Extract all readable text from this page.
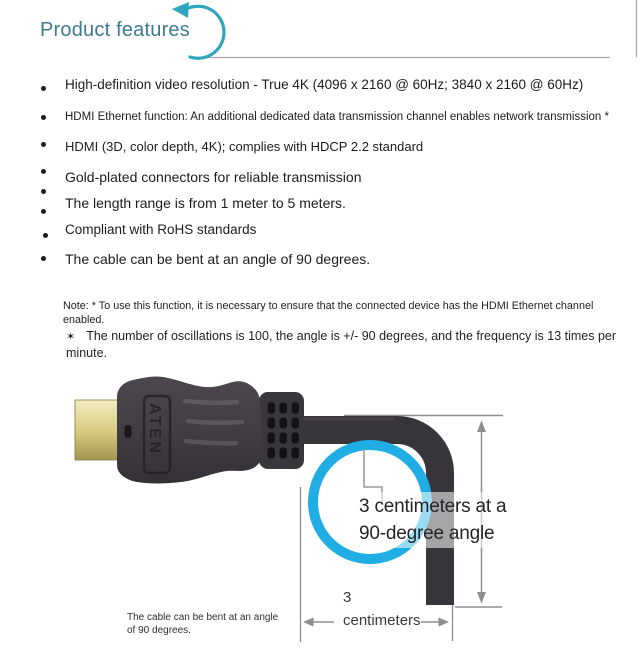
Product features
High-definition video resolution - True 4K (4096 x 2160 @ 60Hz; 3840 x 2160 @ 60Hz)
HDMI Ethernet function: An additional dedicated data transmission channel enables network transmission *
HDMI (3D, color depth, 4K); complies with HDCP 2.2 standard
Gold-plated connectors for reliable transmission
The length range is from 1 meter to 5 meters.
Compliant with RoHS standards
The cable can be bent at an angle of 90 degrees.
Note: * To use this function, it is necessary to ensure that the connected device has the HDMI Ethernet channel enabled.
✶ The number of oscillations is 100, the angle is +/- 90 degrees, and the frequency is 13 times per minute.
ATEN
3 centimeters at a
90-degree angle
3
centimeters
The cable can be bent at an angle
of 90 degrees.
